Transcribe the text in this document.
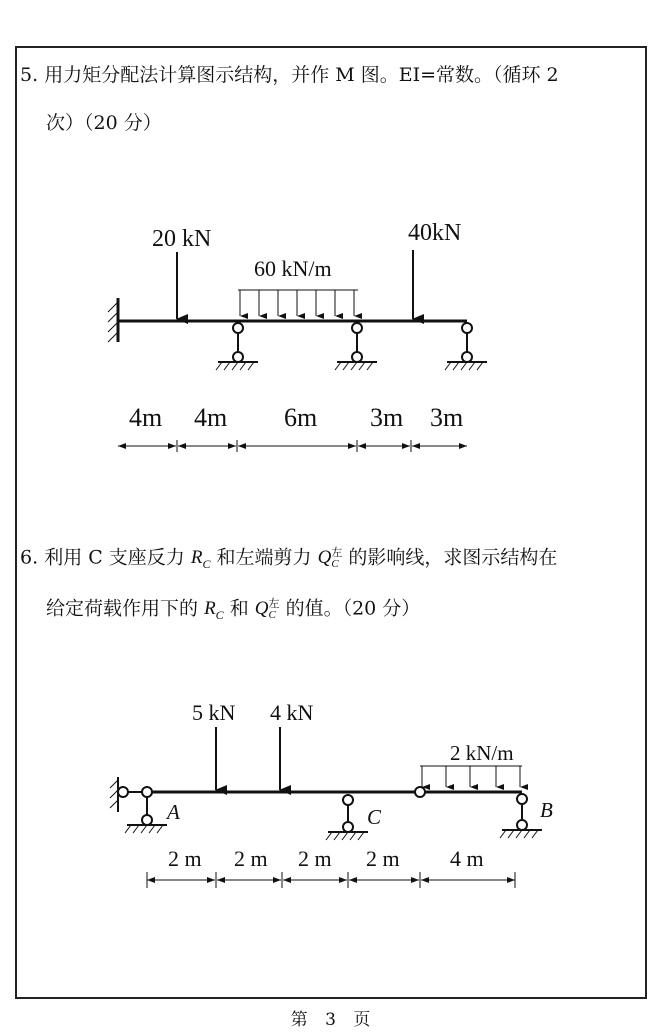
5. 用力矩分配法计算图示结构，并作 M 图。EI=常数。（循环 2
次）（20 分）
6. 利用 C 支座反力 $R_C$ 和左端剪力 Q 左
C 的影响线，求图示结构在
给定荷载作用下的 $R_C$ 和 Q 左
C 的值。（20 分）
20 kN	40kN
60 kN/m
4m 4m 6m 3m 3m
A
5 kN 4 kN
C
2 kN/m
B
2 m 2 m 2 m 2 m 4 m
第 3 页
